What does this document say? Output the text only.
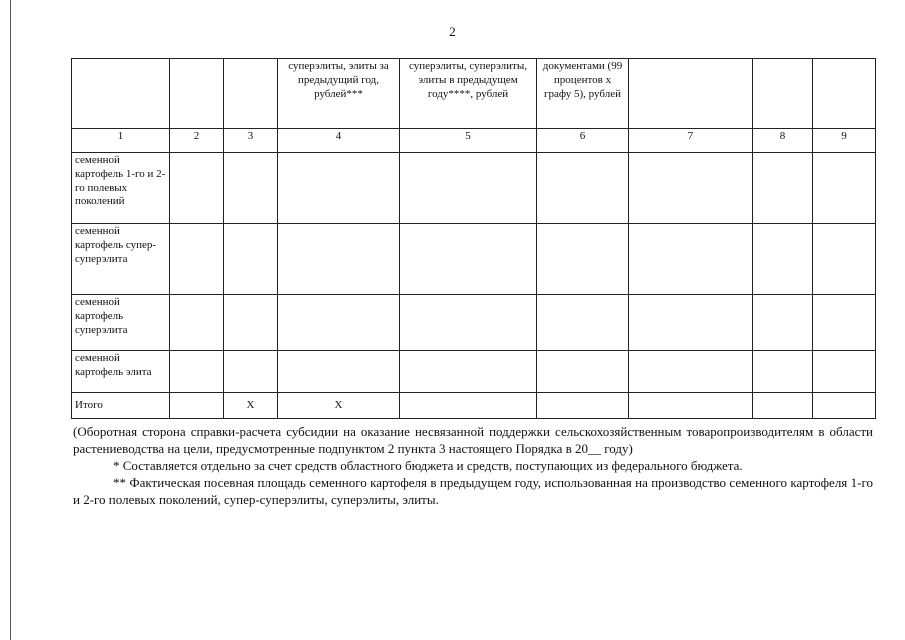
2
			суперэлиты, элиты за предыдущий год, рублей***	суперэлиты, суперэлиты, элиты в предыдущем году****, рублей	документами (99 процентов х графу 5), рублей			
1	2	3	4	5	6	7	8	9
семенной картофель 1-го и 2-го полевых поколений								
семенной картофель супер-суперэлита								
семенной картофель суперэлита								
семенной картофель элита								
Итого		X	X					

(Оборотная сторона справки-расчета субсидии на оказание несвязанной поддержки сельскохозяйственным товаропроизводителям в области растениеводства на цели, предусмотренные подпунктом 2 пункта 3 настоящего Порядка в 20__ году)

* Составляется отдельно за счет средств областного бюджета и средств, поступающих из федерального бюджета.

** Фактическая посевная площадь семенного картофеля в предыдущем году, использованная на производство семенного картофеля 1-го и 2-го полевых поколений, супер-суперэлиты, суперэлиты, элиты.
